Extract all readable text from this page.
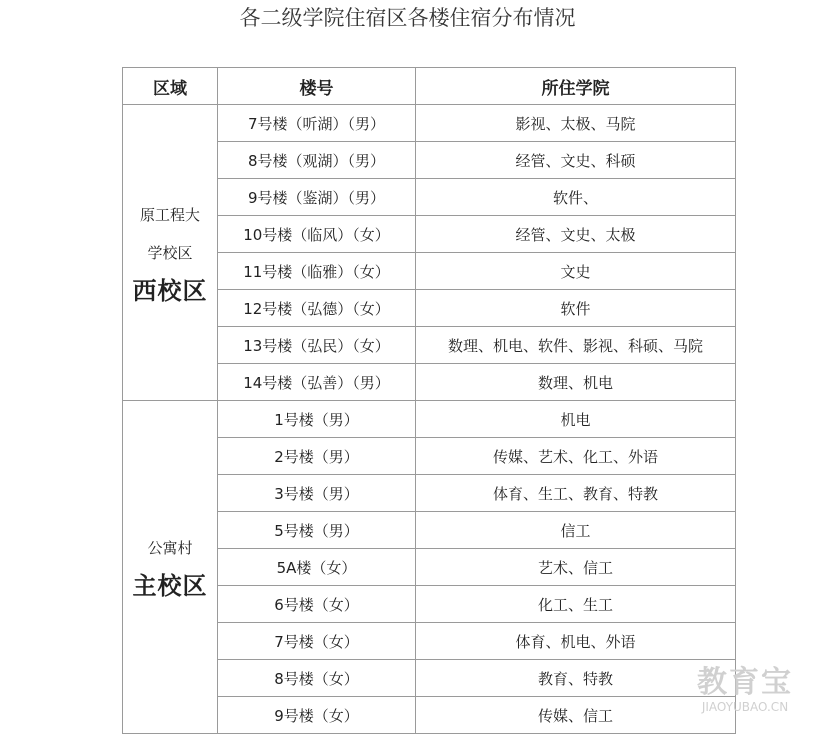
各二级学院住宿区各楼住宿分布情况
区域	楼号	所住学院

原工程大
学校区
西校区	7号楼（听湖）（男）	影视、太极、马院
	8号楼（观湖）（男）	经管、文史、科硕
	9号楼（鉴湖）（男）	软件、
	10号楼（临风）（女）	经管、文史、太极
	11号楼（临雅）（女）	文史
	12号楼（弘德）（女）	软件
	13号楼（弘民）（女）	数理、机电、软件、影视、科硕、马院
	14号楼（弘善）（男）	数理、机电

公寓村
主校区	1号楼（男）	机电
	2号楼（男）	传媒、艺术、化工、外语
	3号楼（男）	体育、生工、教育、特教
	5号楼（男）	信工
	5A楼（女）	艺术、信工
	6号楼（女）	化工、生工
	7号楼（女）	体育、机电、外语
	8号楼（女）	教育、特教
	9号楼（女）	传媒、信工
教育宝
JIAOYUBAO.CN
